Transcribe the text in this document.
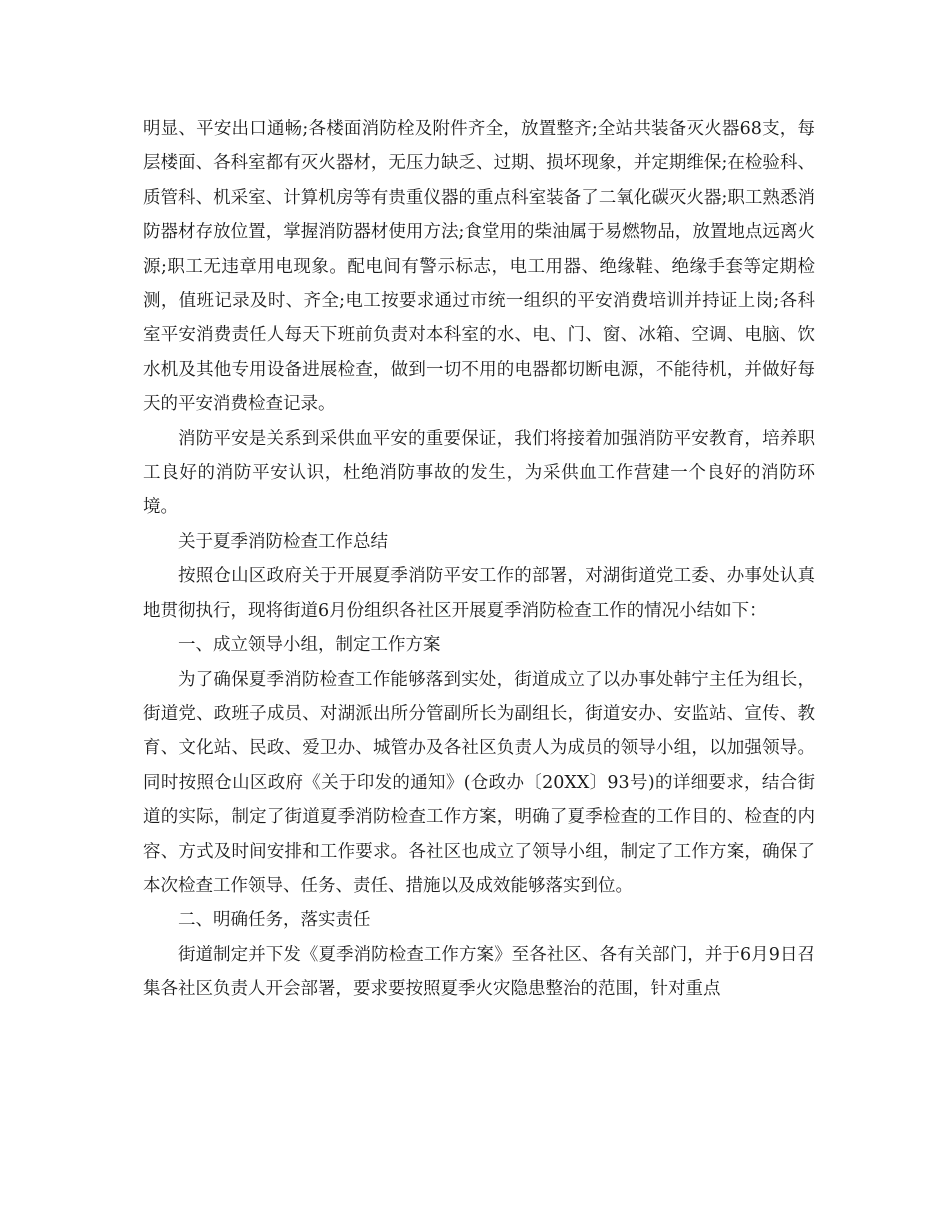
明显、平安出口通畅;各楼面消防栓及附件齐全，放置整齐;全站共装备灭火器68支，每层楼面、各科室都有灭火器材，无压力缺乏、过期、损坏现象，并定期维保;在检验科、质管科、机采室、计算机房等有贵重仪器的重点科室装备了二氧化碳灭火器;职工熟悉消防器材存放位置，掌握消防器材使用方法;食堂用的柴油属于易燃物品，放置地点远离火源;职工无违章用电现象。配电间有警示标志，电工用器、绝缘鞋、绝缘手套等定期检测，值班记录及时、齐全;电工按要求通过市统一组织的平安消费培训并持证上岗;各科室平安消费责任人每天下班前负责对本科室的水、电、门、窗、冰箱、空调、电脑、饮水机及其他专用设备进展检查，做到一切不用的电器都切断电源，不能待机，并做好每天的平安消费检查记录。

消防平安是关系到采供血平安的重要保证，我们将接着加强消防平安教育，培养职工良好的消防平安认识，杜绝消防事故的发生，为采供血工作营建一个良好的消防环境。

关于夏季消防检查工作总结

按照仓山区政府关于开展夏季消防平安工作的部署，对湖街道党工委、办事处认真地贯彻执行，现将街道6月份组织各社区开展夏季消防检查工作的情况小结如下：

一、成立领导小组，制定工作方案

为了确保夏季消防检查工作能够落到实处，街道成立了以办事处韩宁主任为组长，街道党、政班子成员、对湖派出所分管副所长为副组长，街道安办、安监站、宣传、教育、文化站、民政、爱卫办、城管办及各社区负责人为成员的领导小组，以加强领导。同时按照仓山区政府《关于印发的通知》(仓政办〔20XX〕93号)的详细要求，结合街道的实际，制定了街道夏季消防检查工作方案，明确了夏季检查的工作目的、检查的内容、方式及时间安排和工作要求。各社区也成立了领导小组，制定了工作方案，确保了本次检查工作领导、任务、责任、措施以及成效能够落实到位。

二、明确任务，落实责任

街道制定并下发《夏季消防检查工作方案》至各社区、各有关部门，并于6月9日召集各社区负责人开会部署，要求要按照夏季火灾隐患整治的范围，针对重点
